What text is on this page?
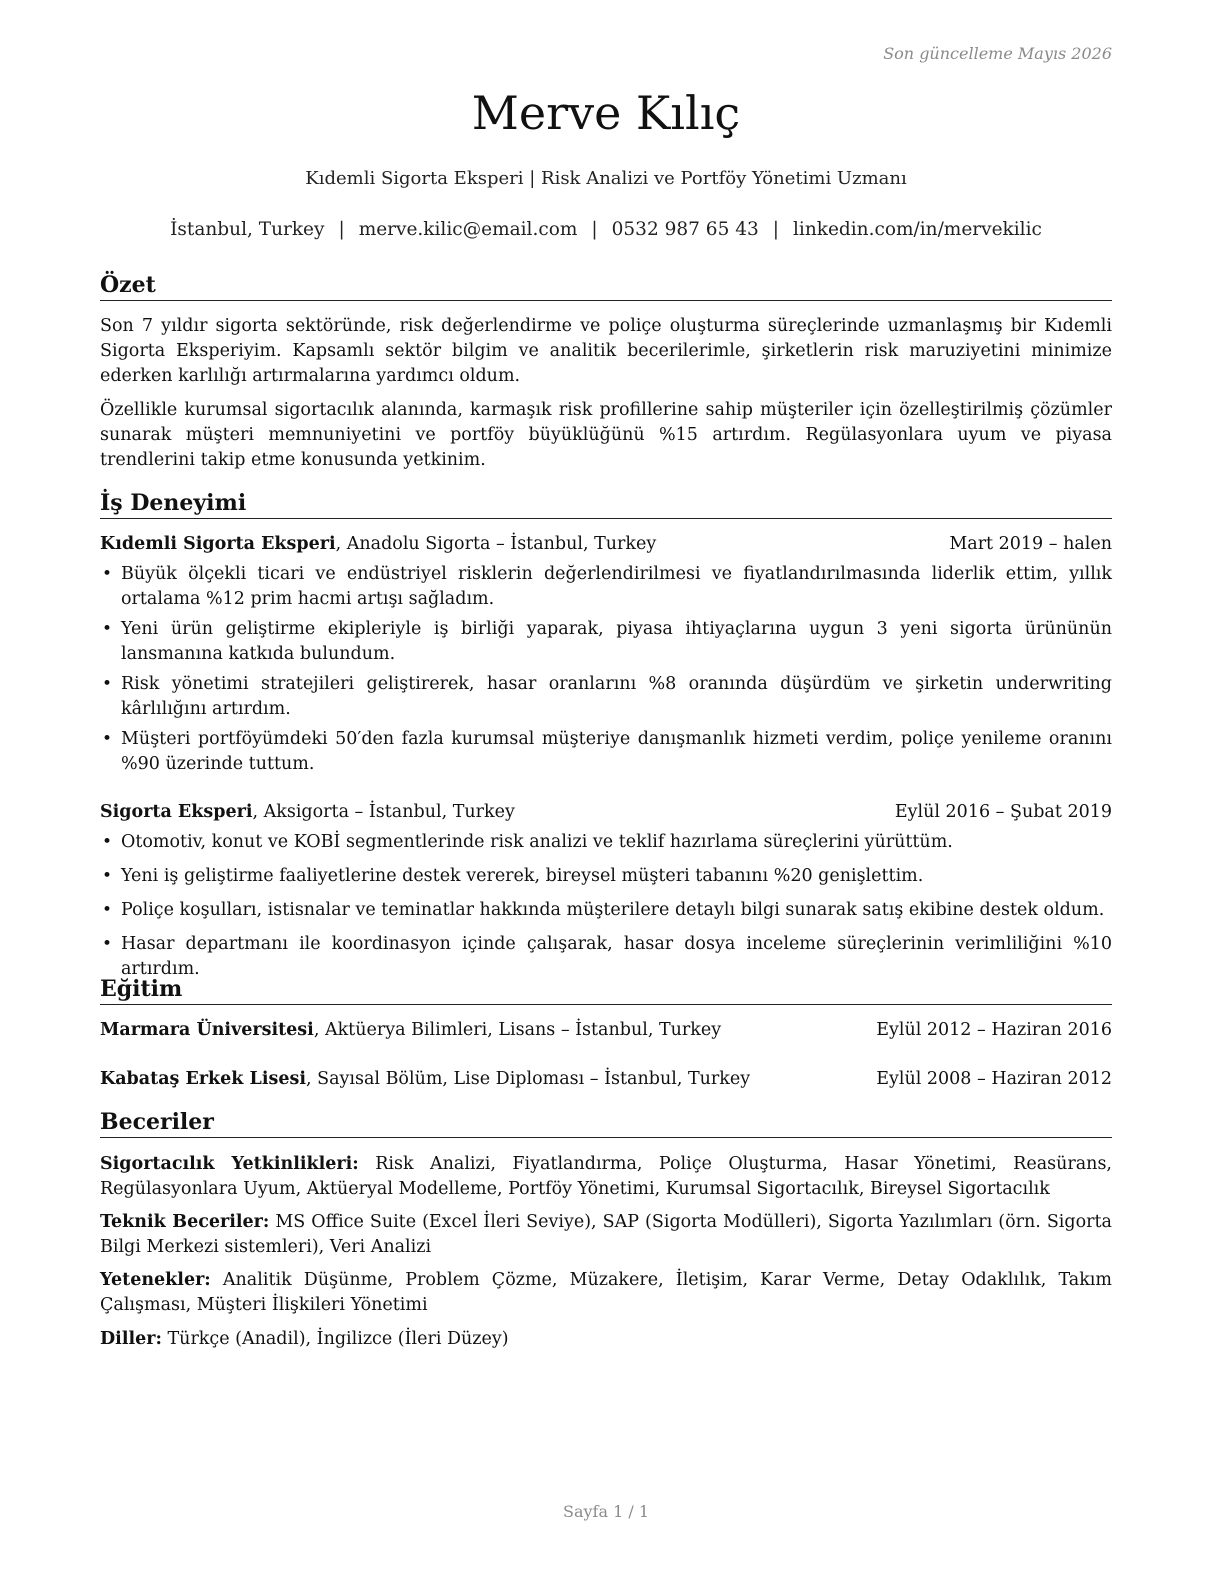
Son güncelleme Mayıs 2026
Merve Kılıç
Kıdemli Sigorta Eksperi | Risk Analizi ve Portföy Yönetimi Uzmanı
İstanbul, Turkey | merve.kilic@email.com | 0532 987 65 43 | linkedin.com/in/mervekilic
Özet

Son 7 yıldır sigorta sektöründe, risk değerlendirme ve poliçe oluşturma süreçlerinde uzmanlaşmış bir Kıdemli Sigorta Eksperiyim. Kapsamlı sektör bilgim ve analitik becerilerimle, şirketlerin risk maruziyetini minimize ederken karlılığı artırmalarına yardımcı oldum.

Özellikle kurumsal sigortacılık alanında, karmaşık risk profillerine sahip müşteriler için özelleştirilmiş çözümler sunarak müşteri memnuniyetini ve portföy büyüklüğünü %15 artırdım. Regülasyonlara uyum ve piyasa trendlerini takip etme konusunda yetkinim.

İş Deneyimi
Kıdemli Sigorta Eksperi, Anadolu Sigorta – İstanbul, Turkey	Mart 2019 – halen
• Büyük ölçekli ticari ve endüstriyel risklerin değerlendirilmesi ve fiyatlandırılmasında liderlik ettim, yıllık ortalama %12 prim hacmi artışı sağladım.
• Yeni ürün geliştirme ekipleriyle iş birliği yaparak, piyasa ihtiyaçlarına uygun 3 yeni sigorta ürününün lansmanına katkıda bulundum.
• Risk yönetimi stratejileri geliştirerek, hasar oranlarını %8 oranında düşürdüm ve şirketin underwriting kârlılığını artırdım.
• Müşteri portföyümdeki 50′den fazla kurumsal müşteriye danışmanlık hizmeti verdim, poliçe yenileme oranını %90 üzerinde tuttum.
Sigorta Eksperi, Aksigorta – İstanbul, Turkey	Eylül 2016 – Şubat 2019
• Otomotiv, konut ve KOBİ segmentlerinde risk analizi ve teklif hazırlama süreçlerini yürüttüm.
• Yeni iş geliştirme faaliyetlerine destek vererek, bireysel müşteri tabanını %20 genişlettim.
• Poliçe koşulları, istisnalar ve teminatlar hakkında müşterilere detaylı bilgi sunarak satış ekibine destek oldum.
• Hasar departmanı ile koordinasyon içinde çalışarak, hasar dosya inceleme süreçlerinin verimliliğini %10 artırdım.
Eğitim
Marmara Üniversitesi, Aktüerya Bilimleri, Lisans – İstanbul, Turkey	Eylül 2012 – Haziran 2016
Kabataş Erkek Lisesi, Sayısal Bölüm, Lise Diploması – İstanbul, Turkey	Eylül 2008 – Haziran 2012
Beceriler

Sigortacılık Yetkinlikleri: Risk Analizi, Fiyatlandırma, Poliçe Oluşturma, Hasar Yönetimi, Reasürans, Regülasyonlara Uyum, Aktüeryal Modelleme, Portföy Yönetimi, Kurumsal Sigortacılık, Bireysel Sigortacılık

Teknik Beceriler: MS Office Suite (Excel İleri Seviye), SAP (Sigorta Modülleri), Sigorta Yazılımları (örn. Sigorta Bilgi Merkezi sistemleri), Veri Analizi

Yetenekler: Analitik Düşünme, Problem Çözme, Müzakere, İletişim, Karar Verme, Detay Odaklılık, Takım Çalışması, Müşteri İlişkileri Yönetimi

Diller: Türkçe (Anadil), İngilizce (İleri Düzey)

Sayfa 1 / 1
